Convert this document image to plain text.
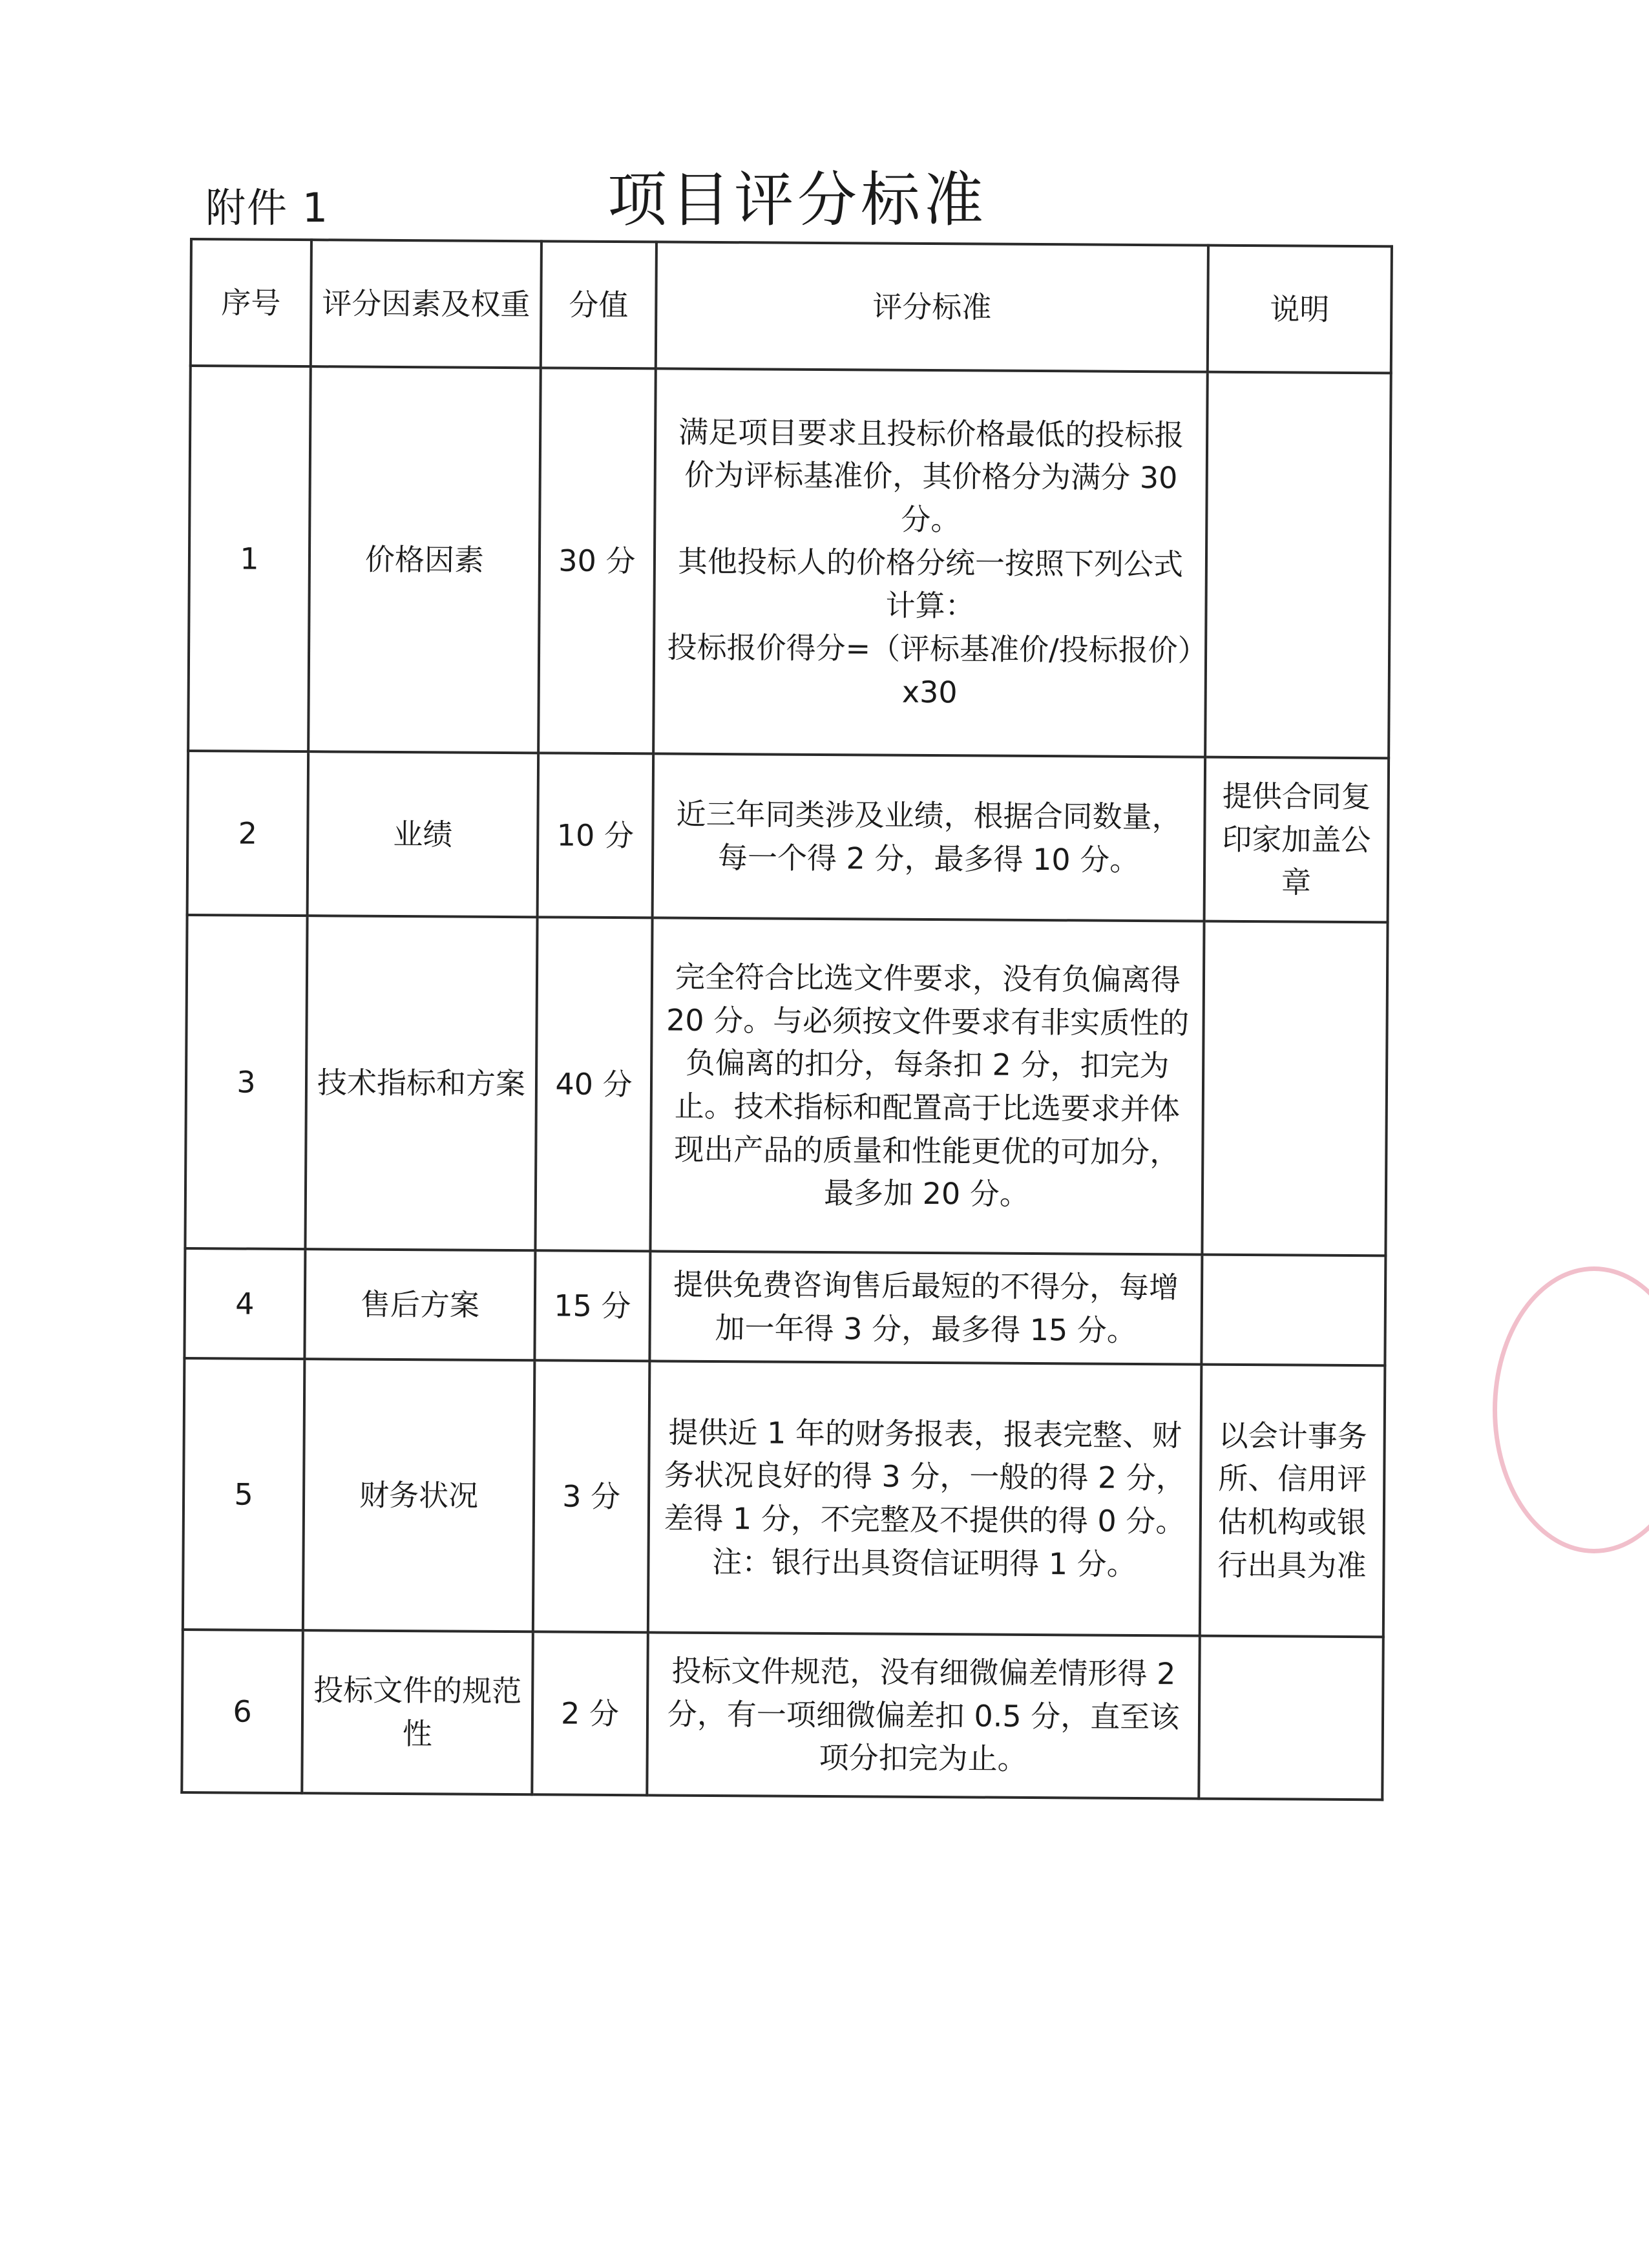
附件 1	项目评分标准
序号	评分因素及权重	分值	评分标准	说明
1	价格因素	30 分	满足项目要求且投标价格最低的投标报价为评标基准价，其价格分为满分 30 分。
其他投标人的价格分统一按照下列公式计算：
投标报价得分=（评标基准价/投标报价）x30	

2	业绩	10 分	近三年同类涉及业绩，根据合同数量，每一个得 2 分，最多得 10 分。	提供合同复印家加盖公章
3	技术指标和方案	40 分	完全符合比选文件要求，没有负偏离得 20 分。与必须按文件要求有非实质性的负偏离的扣分，每条扣 2 分，扣完为止。技术指标和配置高于比选要求并体现出产品的质量和性能更优的可加分，最多加 20 分。	

4	售后方案	15 分	提供免费咨询售后最短的不得分，每增加一年得 3 分，最多得 15 分。	

5	财务状况	3 分	提供近 1 年的财务报表，报表完整、财务状况良好的得 3 分，一般的得 2 分，差得 1 分，不完整及不提供的得 0 分。
注：银行出具资信证明得 1 分。	以会计事务所、信用评估机构或银行出具为准
6	投标文件的规范性	2 分	投标文件规范，没有细微偏差情形得 2 分，有一项细微偏差扣 0.5 分，直至该项分扣完为止。	
